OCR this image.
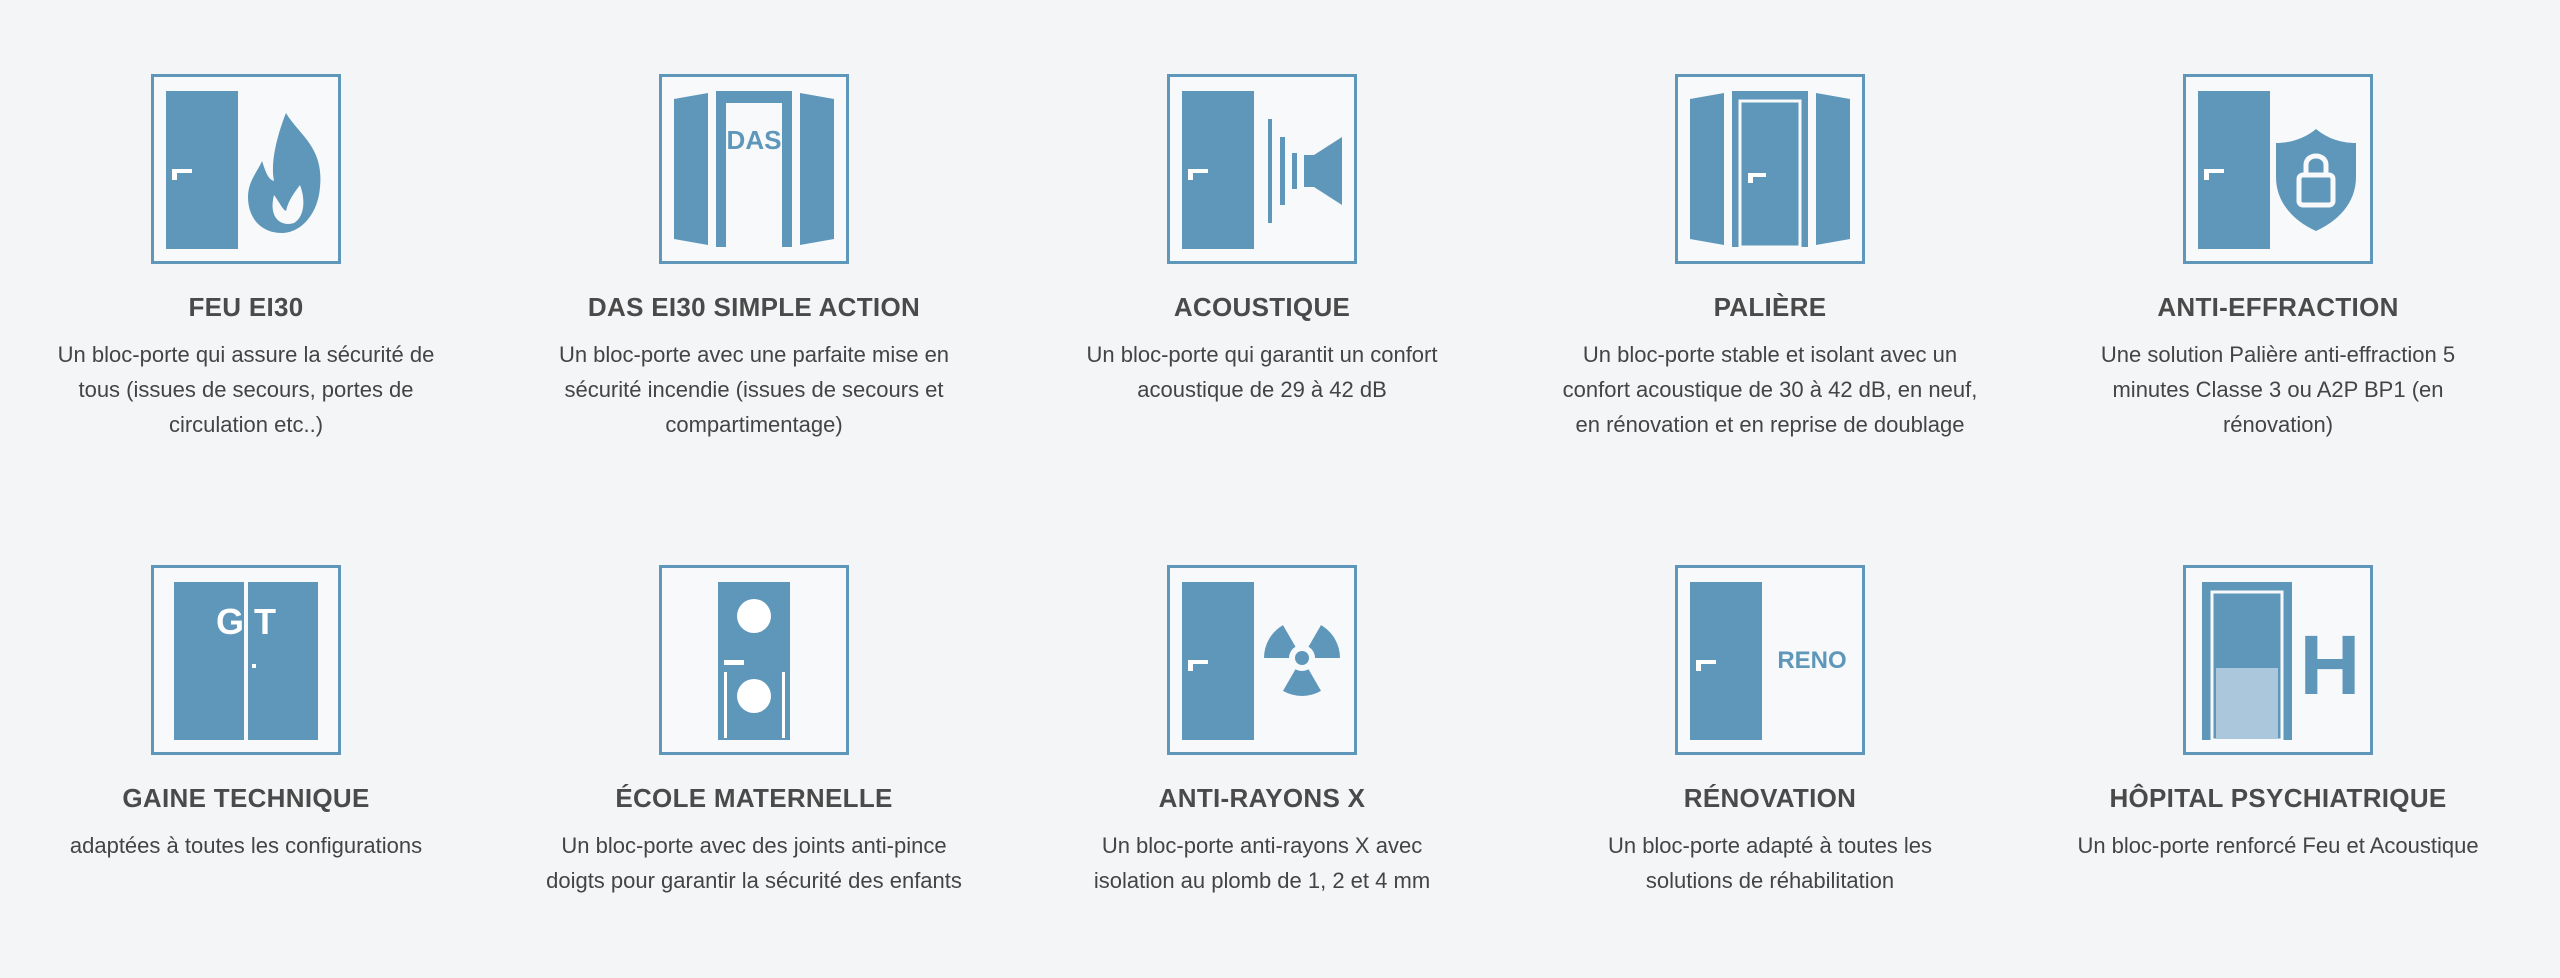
FEU EI30
Un bloc-porte qui assure la sécurité de tous (issues de secours, portes de circulation etc..)
DAS
DAS EI30 SIMPLE ACTION
Un bloc-porte avec une parfaite mise en sécurité incendie (issues de secours et compartimentage)
ACOUSTIQUE
Un bloc-porte qui garantit un confort acoustique de 29 à 42 dB
PALIÈRE
Un bloc-porte stable et isolant avec un confort acoustique de 30 à 42 dB, en neuf, en rénovation et en reprise de doublage
ANTI-EFFRACTION
Une solution Palière anti-effraction 5 minutes Classe 3 ou A2P BP1 (en rénovation)
G T
GAINE TECHNIQUE
adaptées à toutes les configurations
ÉCOLE MATERNELLE
Un bloc-porte avec des joints anti-pince doigts pour garantir la sécurité des enfants
ANTI-RAYONS X
Un bloc-porte anti-rayons X avec isolation au plomb de 1, 2 et 4 mm
RENO
RÉNOVATION
Un bloc-porte adapté à toutes les solutions de réhabilitation
H
HÔPITAL PSYCHIATRIQUE
Un bloc-porte renforcé Feu et Acoustique
